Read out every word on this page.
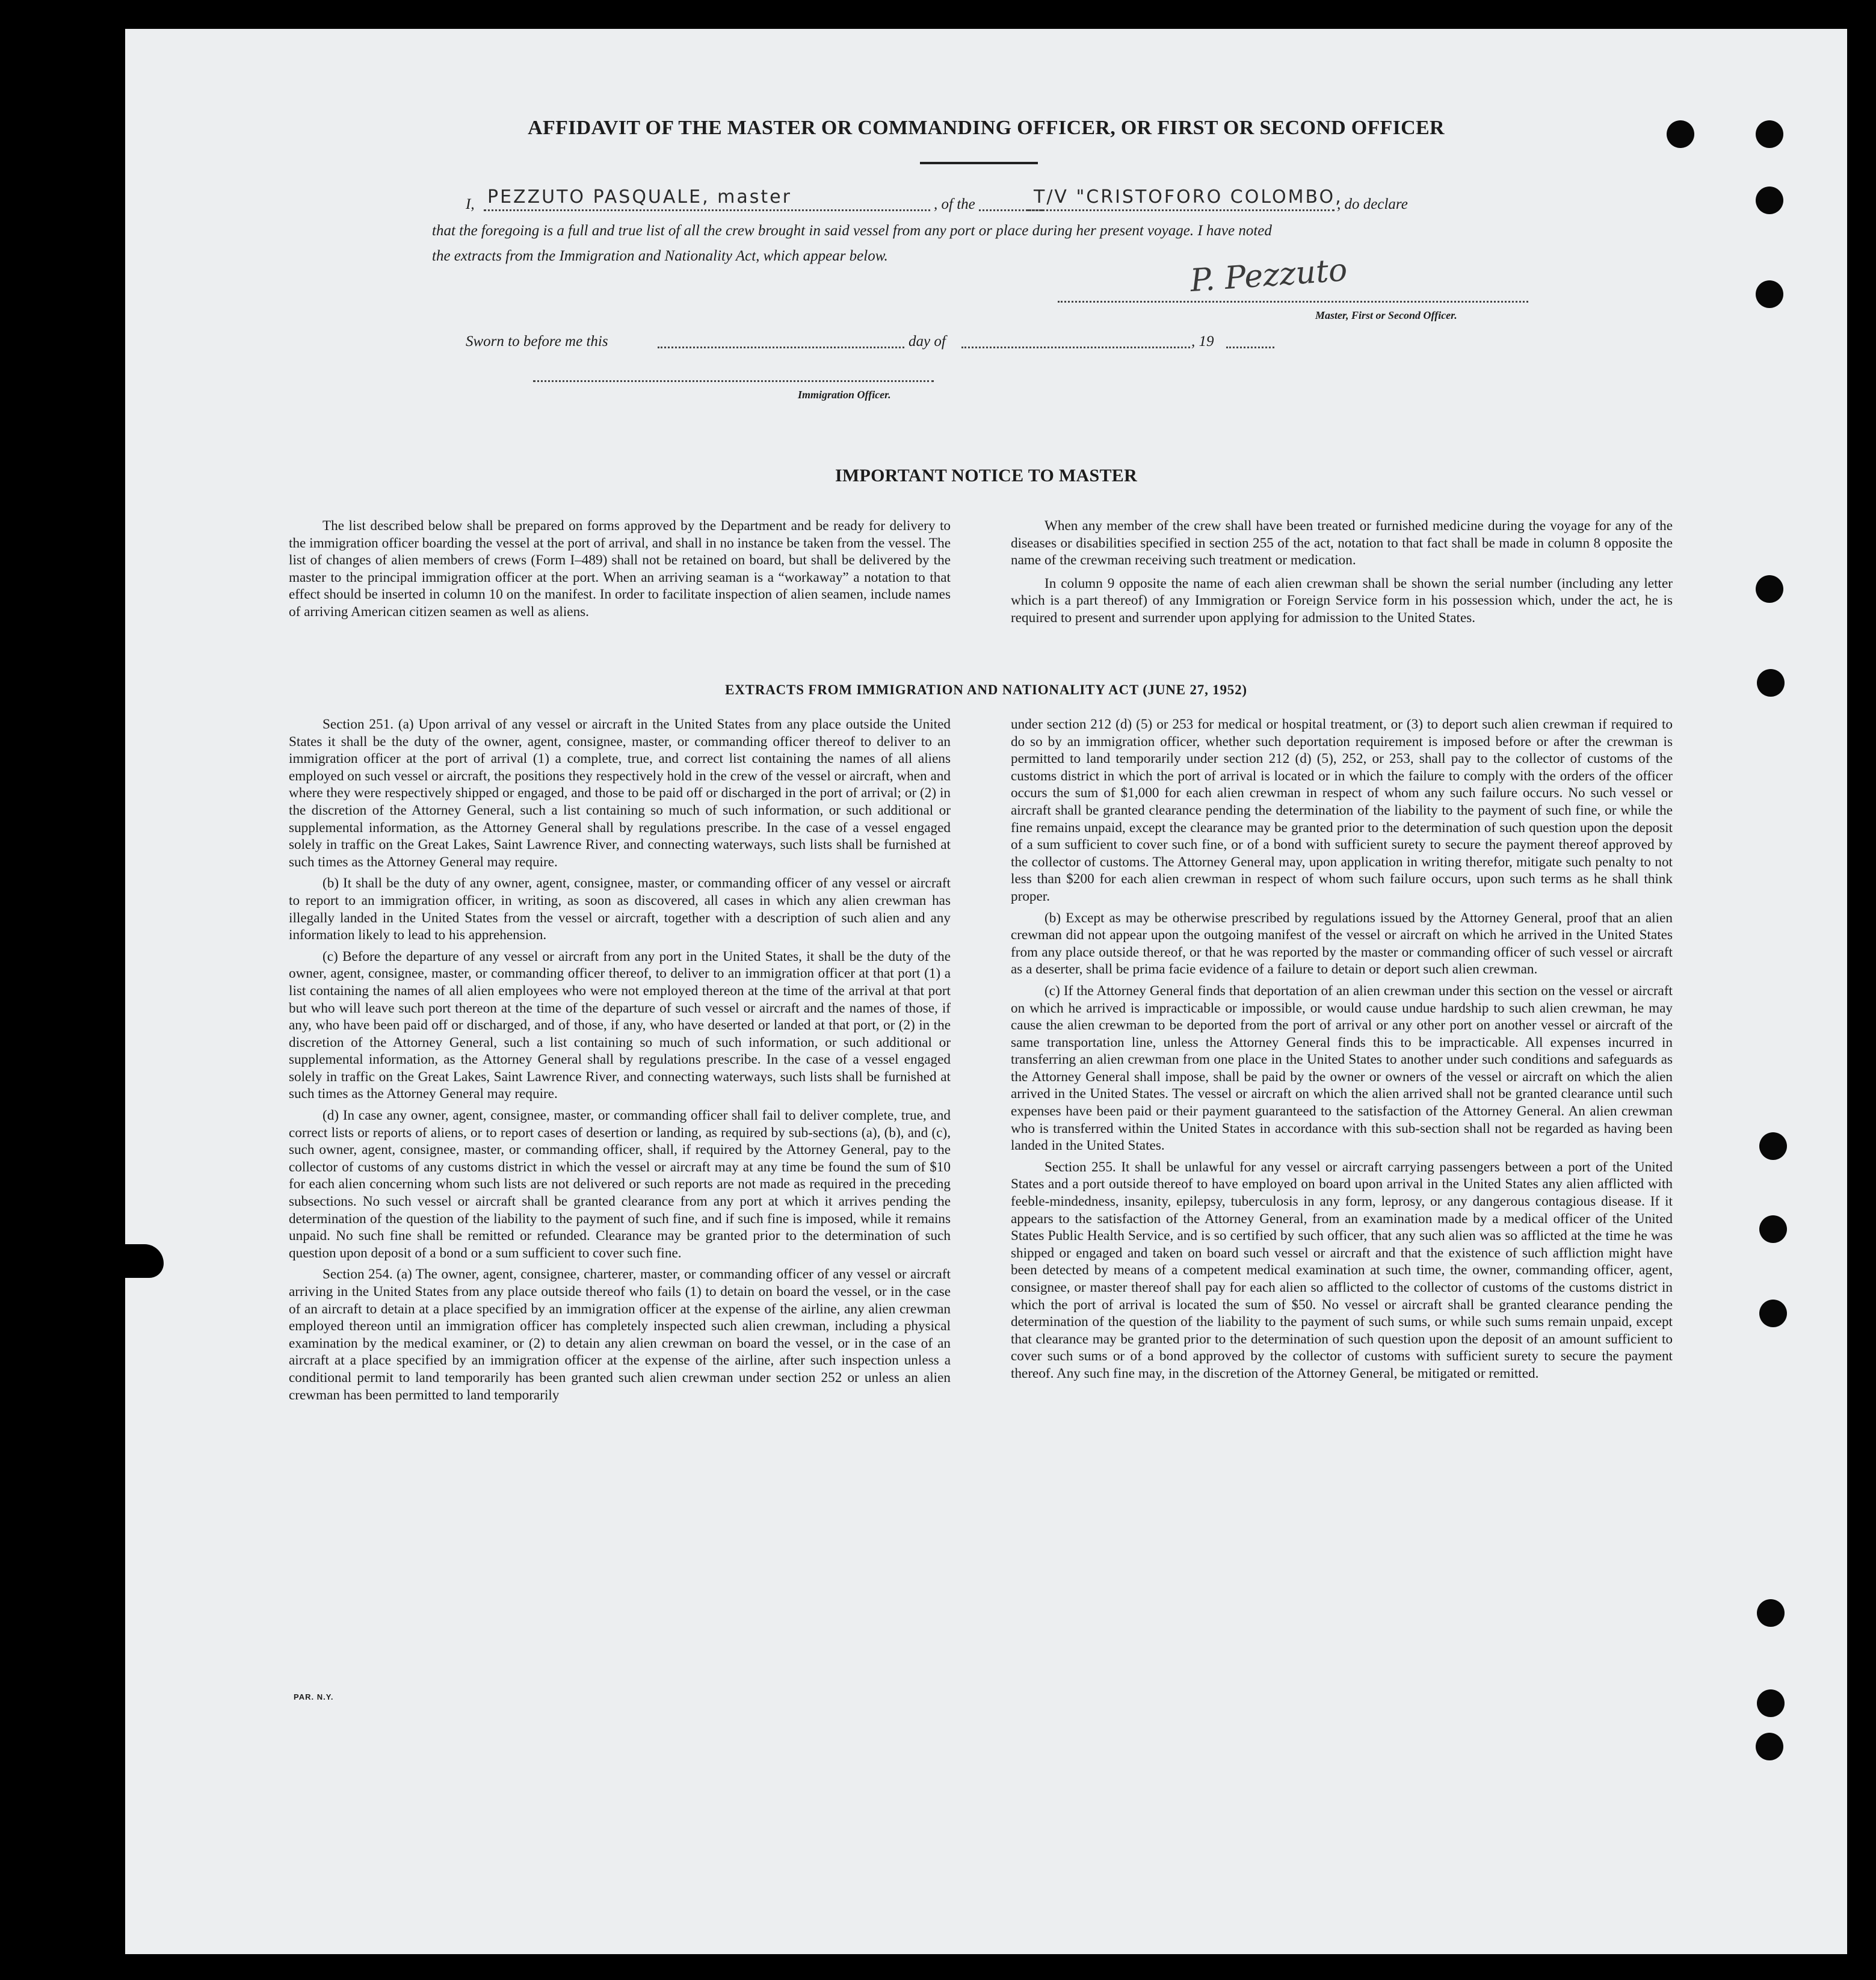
AFFIDAVIT OF THE MASTER OR COMMANDING OFFICER, OR FIRST OR SECOND OFFICER
I, PEZZUTO PASQUALE, master	, of the	T/V "CRISTOFORO COLOMBO,
, do declare
that the foregoing is a full and true list of all the crew brought in said vessel from any port or place during her present voyage. I have noted
the extracts from the Immigration and Nationality Act, which appear below.	P. Pezzuto
Master, First or Second Officer.
Sworn to before me this	day of	, 19
Immigration Officer.
IMPORTANT NOTICE TO MASTER

The list described below shall be prepared on forms approved by the Department and be ready for delivery to the immigration officer boarding the vessel at the port of arrival, and shall in no instance be taken from the vessel. The list of changes of alien members of crews (Form I–489) shall not be retained on board, but shall be delivered by the master to the principal immigration officer at the port. When an arriving seaman is a “workaway” a notation to that effect should be inserted in column 10 on the manifest. In order to facilitate inspection of alien seamen, include names of arriving American citizen seamen as well as aliens.

When any member of the crew shall have been treated or furnished medicine during the voyage for any of the diseases or disabilities specified in section 255 of the act, notation to that fact shall be made in column 8 opposite the name of the crewman receiving such treatment or medication.

In column 9 opposite the name of each alien crewman shall be shown the serial number (including any letter which is a part thereof) of any Immigration or Foreign Service form in his possession which, under the act, he is required to present and surrender upon applying for admission to the United States.

EXTRACTS FROM IMMIGRATION AND NATIONALITY ACT (JUNE 27, 1952)

Section 251. (a) Upon arrival of any vessel or aircraft in the United States from any place outside the United States it shall be the duty of the owner, agent, consignee, master, or commanding officer thereof to deliver to an immigration officer at the port of arrival (1) a complete, true, and correct list containing the names of all aliens employed on such vessel or aircraft, the positions they respectively hold in the crew of the vessel or aircraft, when and where they were respectively shipped or engaged, and those to be paid off or discharged in the port of arrival; or (2) in the discretion of the Attorney General, such a list containing so much of such information, or such additional or supplemental information, as the Attorney General shall by regulations prescribe. In the case of a vessel engaged solely in traffic on the Great Lakes, Saint Lawrence River, and connecting waterways, such lists shall be furnished at such times as the Attorney General may require.

(b) It shall be the duty of any owner, agent, consignee, master, or commanding officer of any vessel or aircraft to report to an immigration officer, in writing, as soon as discovered, all cases in which any alien crewman has illegally landed in the United States from the vessel or aircraft, together with a description of such alien and any information likely to lead to his apprehension.

(c) Before the departure of any vessel or aircraft from any port in the United States, it shall be the duty of the owner, agent, consignee, master, or commanding officer thereof, to deliver to an immigration officer at that port (1) a list containing the names of all alien employees who were not employed thereon at the time of the arrival at that port but who will leave such port thereon at the time of the departure of such vessel or aircraft and the names of those, if any, who have been paid off or discharged, and of those, if any, who have deserted or landed at that port, or (2) in the discretion of the Attorney General, such a list containing so much of such information, or such additional or supplemental information, as the Attorney General shall by regulations prescribe. In the case of a vessel engaged solely in traffic on the Great Lakes, Saint Lawrence River, and connecting waterways, such lists shall be furnished at such times as the Attorney General may require.

(d) In case any owner, agent, consignee, master, or commanding officer shall fail to deliver complete, true, and correct lists or reports of aliens, or to report cases of desertion or landing, as required by sub-sections (a), (b), and (c), such owner, agent, consignee, master, or commanding officer, shall, if required by the Attorney General, pay to the collector of customs of any customs district in which the vessel or aircraft may at any time be found the sum of $10 for each alien concerning whom such lists are not delivered or such reports are not made as required in the preceding subsections. No such vessel or aircraft shall be granted clearance from any port at which it arrives pending the determination of the question of the liability to the payment of such fine, and if such fine is imposed, while it remains unpaid. No such fine shall be remitted or refunded. Clearance may be granted prior to the determination of such question upon deposit of a bond or a sum sufficient to cover such fine.

Section 254. (a) The owner, agent, consignee, charterer, master, or commanding officer of any vessel or aircraft arriving in the United States from any place outside thereof who fails (1) to detain on board the vessel, or in the case of an aircraft to detain at a place specified by an immigration officer at the expense of the airline, any alien crewman employed thereon until an immigration officer has completely inspected such alien crewman, including a physical examination by the medical examiner, or (2) to detain any alien crewman on board the vessel, or in the case of an aircraft at a place specified by an immigration officer at the expense of the airline, after such inspection unless a conditional permit to land temporarily has been granted such alien crewman under section 252 or unless an alien crewman has been permitted to land temporarily

under section 212 (d) (5) or 253 for medical or hospital treatment, or (3) to deport such alien crewman if required to do so by an immigration officer, whether such deportation requirement is imposed before or after the crewman is permitted to land temporarily under section 212 (d) (5), 252, or 253, shall pay to the collector of customs of the customs district in which the port of arrival is located or in which the failure to comply with the orders of the officer occurs the sum of $1,000 for each alien crewman in respect of whom any such failure occurs. No such vessel or aircraft shall be granted clearance pending the determination of the liability to the payment of such fine, or while the fine remains unpaid, except the clearance may be granted prior to the determination of such question upon the deposit of a sum sufficient to cover such fine, or of a bond with sufficient surety to secure the payment thereof approved by the collector of customs. The Attorney General may, upon application in writing therefor, mitigate such penalty to not less than $200 for each alien crewman in respect of whom such failure occurs, upon such terms as he shall think proper.

(b) Except as may be otherwise prescribed by regulations issued by the Attorney General, proof that an alien crewman did not appear upon the outgoing manifest of the vessel or aircraft on which he arrived in the United States from any place outside thereof, or that he was reported by the master or commanding officer of such vessel or aircraft as a deserter, shall be prima facie evidence of a failure to detain or deport such alien crewman.

(c) If the Attorney General finds that deportation of an alien crewman under this section on the vessel or aircraft on which he arrived is impracticable or impossible, or would cause undue hardship to such alien crewman, he may cause the alien crewman to be deported from the port of arrival or any other port on another vessel or aircraft of the same transportation line, unless the Attorney General finds this to be impracticable. All expenses incurred in transferring an alien crewman from one place in the United States to another under such conditions and safeguards as the Attorney General shall impose, shall be paid by the owner or owners of the vessel or aircraft on which the alien arrived in the United States. The vessel or aircraft on which the alien arrived shall not be granted clearance until such expenses have been paid or their payment guaranteed to the satisfaction of the Attorney General. An alien crewman who is transferred within the United States in accordance with this sub-section shall not be regarded as having been landed in the United States.

Section 255. It shall be unlawful for any vessel or aircraft carrying passengers between a port of the United States and a port outside thereof to have employed on board upon arrival in the United States any alien afflicted with feeble-mindedness, insanity, epilepsy, tuberculosis in any form, leprosy, or any dangerous contagious disease. If it appears to the satisfaction of the Attorney General, from an examination made by a medical officer of the United States Public Health Service, and is so certified by such officer, that any such alien was so afflicted at the time he was shipped or engaged and taken on board such vessel or aircraft and that the existence of such affliction might have been detected by means of a competent medical examination at such time, the owner, commanding officer, agent, consignee, or master thereof shall pay for each alien so afflicted to the collector of customs of the customs district in which the port of arrival is located the sum of $50. No vessel or aircraft shall be granted clearance pending the determination of the question of the liability to the payment of such sums, or while such sums remain unpaid, except that clearance may be granted prior to the determination of such question upon the deposit of an amount sufficient to cover such sums or of a bond approved by the collector of customs with sufficient surety to secure the payment thereof. Any such fine may, in the discretion of the Attorney General, be mitigated or remitted.

PAR. N.Y.
